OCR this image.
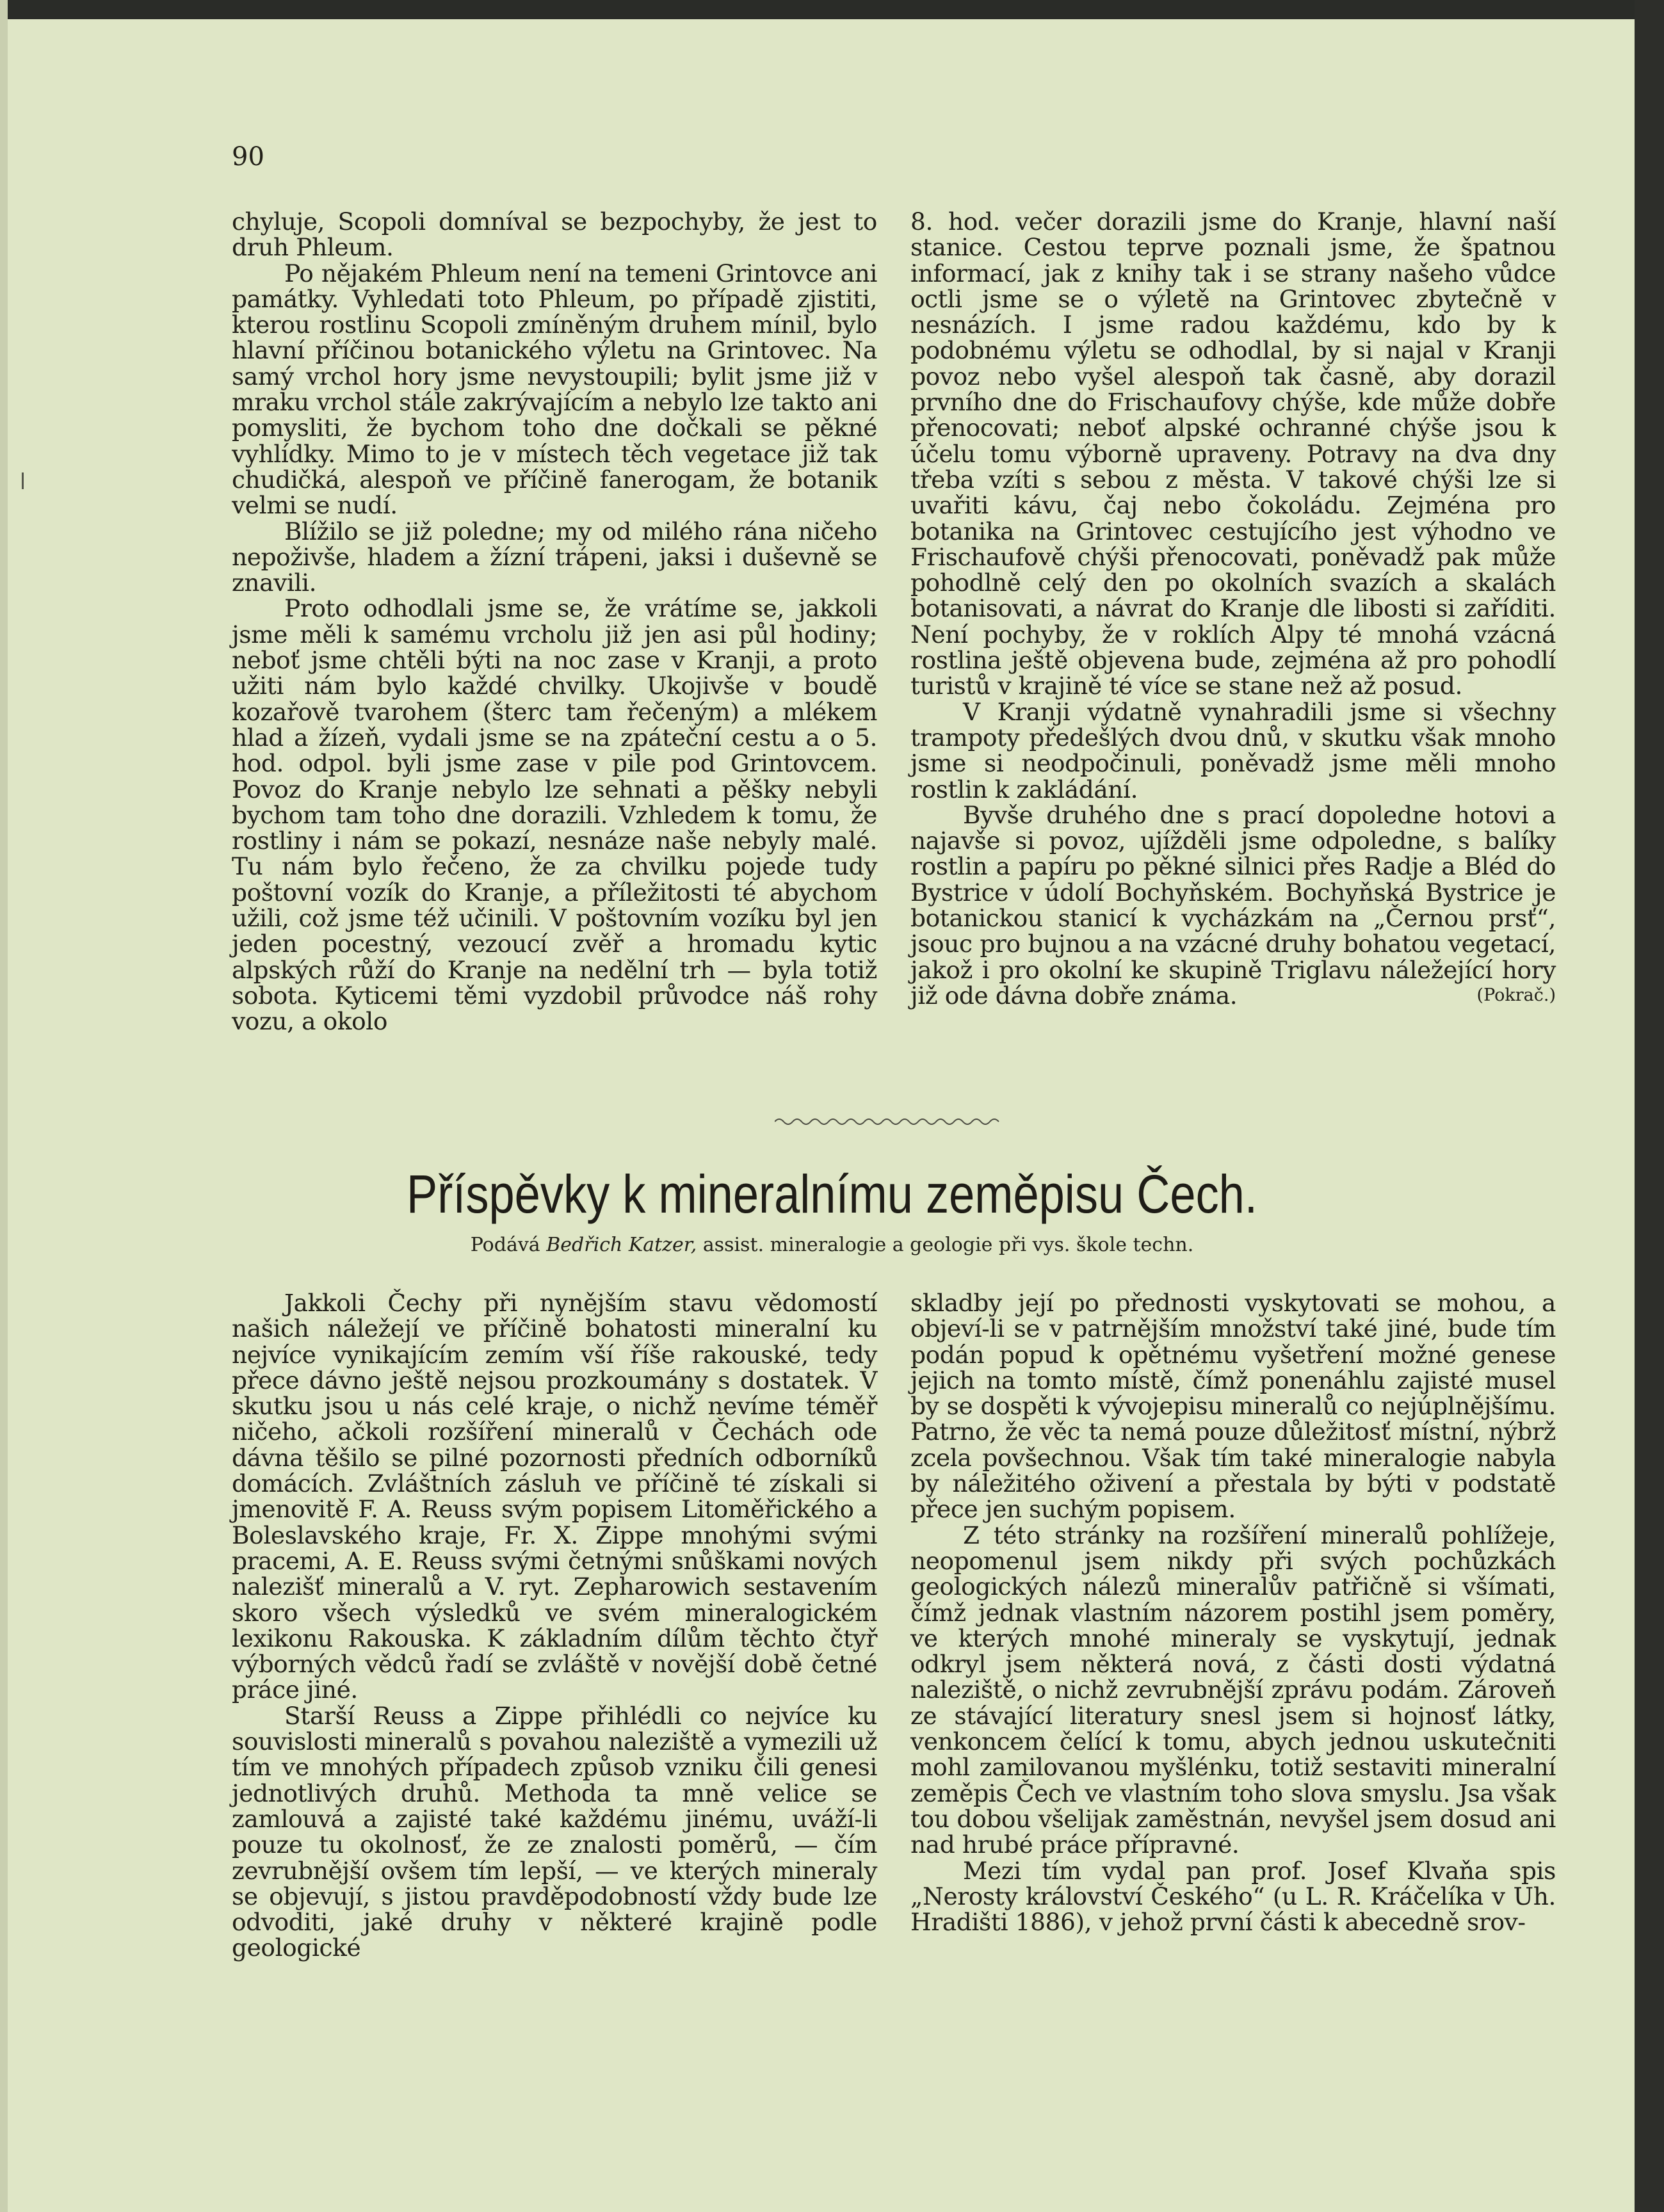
90

chyluje, Scopoli domníval se bezpochyby, že jest to druh Phleum.

Po nějakém Phleum není na temeni Grintovce ani památky. Vyhledati toto Phleum, po případě zjistiti, kterou rostlinu Scopoli zmíněným druhem mínil, bylo hlavní příčinou botanického výletu na Grintovec. Na samý vrchol hory jsme nevystoupili; bylit jsme již v mraku vrchol stále zakrývajícím a nebylo lze takto ani pomysliti, že bychom toho dne dočkali se pěkné vyhlídky. Mimo to je v místech těch vegetace již tak chudičká, alespoň ve příčině fanerogam, že botanik velmi se nudí.

Blížilo se již poledne; my od milého rána ničeho nepoživše, hladem a žízní trápeni, jaksi i duševně se znavili.

Proto odhodlali jsme se, že vrátíme se, jakkoli jsme měli k samému vrcholu již jen asi půl hodiny; neboť jsme chtěli býti na noc zase v Kranji, a proto užiti nám bylo každé chvilky. Ukojivše v boudě kozařově tvarohem (šterc tam řečeným) a mlékem hlad a žízeň, vydali jsme se na zpáteční cestu a o 5. hod. odpol. byli jsme zase v pile pod Grintovcem. Povoz do Kranje nebylo lze sehnati a pěšky nebyli bychom tam toho dne dorazili. Vzhledem k tomu, že rostliny i nám se pokazí, nesnáze naše nebyly malé. Tu nám bylo řečeno, že za chvilku pojede tudy poštovní vozík do Kranje, a příležitosti té abychom užili, což jsme též učinili. V poštovním vozíku byl jen jeden pocestný, vezoucí zvěř a hromadu kytic alpských růží do Kranje na nedělní trh — byla totiž sobota. Kyticemi těmi vyzdobil průvodce náš rohy vozu, a okolo

8. hod. večer dorazili jsme do Kranje, hlavní naší stanice. Cestou teprve poznali jsme, že špatnou informací, jak z knihy tak i se strany našeho vůdce octli jsme se o výletě na Grintovec zbytečně v nesnázích. I jsme radou každému, kdo by k podobnému výletu se odhodlal, by si najal v Kranji povoz nebo vyšel alespoň tak časně, aby dorazil prvního dne do Frischaufovy chýše, kde může dobře přenocovati; neboť alpské ochranné chýše jsou k účelu tomu výborně upraveny. Potravy na dva dny třeba vzíti s sebou z města. V takové chýši lze si uvařiti kávu, čaj nebo čokoládu. Zejména pro botanika na Grintovec cestujícího jest výhodno ve Frischaufově chýši přenocovati, poněvadž pak může pohodlně celý den po okolních svazích a skalách botanisovati, a návrat do Kranje dle libosti si zaříditi. Není pochyby, že v roklích Alpy té mnohá vzácná rostlina ještě objevena bude, zejména až pro pohodlí turistů v krajině té více se stane než až posud.

V Kranji výdatně vynahradili jsme si všechny trampoty předešlých dvou dnů, v skutku však mnoho jsme si neodpočinuli, poněvadž jsme měli mnoho rostlin k zakládání.

Byvše druhého dne s prací dopoledne hotovi a najavše si povoz, ujížděli jsme odpoledne, s balíky rostlin a papíru po pěkné silnici přes Radje a Bléd do Bystrice v údolí Bochyňském. Bochyňská Bystrice je botanickou stanicí k vycházkám na „Černou prsť“, jsouc pro bujnou a na vzácné druhy bohatou vegetací, jakož i pro okolní ke skupině Triglavu náležející hory již ode dávna dobře známa.	(Pokrač.)

Příspěvky k mineralnímu zeměpisu Čech.
Podává Bedřich Katzer, assist. mineralogie a geologie při vys. škole techn.

Jakkoli Čechy při nynějším stavu vědomostí našich náležejí ve příčině bohatosti mineralní ku nejvíce vynikajícím zemím vší říše rakouské, tedy přece dávno ještě nejsou prozkoumány s dostatek. V skutku jsou u nás celé kraje, o nichž nevíme téměř ničeho, ačkoli rozšíření mineralů v Čechách ode dávna těšilo se pilné pozornosti předních odborníků domácích. Zvláštních zásluh ve příčině té získali si jmenovitě F. A. Reuss svým popisem Litoměřického a Boleslavského kraje, Fr. X. Zippe mnohými svými pracemi, A. E. Reuss svými četnými snůškami nových nalezišť mineralů a V. ryt. Zepharowich sestavením skoro všech výsledků ve svém mineralogickém lexikonu Rakouska. K základním dílům těchto čtyř výborných vědců řadí se zvláště v novější době četné práce jiné.

Starší Reuss a Zippe přihlédli co nejvíce ku souvislosti mineralů s povahou naleziště a vymezili už tím ve mnohých případech způsob vzniku čili genesi jednotlivých druhů. Methoda ta mně velice se zamlouvá a zajisté také každému jinému, uváží-li pouze tu okolnosť, že ze znalosti poměrů, — čím zevrubnější ovšem tím lepší, — ve kterých mineraly se objevují, s jistou pravděpodobností vždy bude lze odvoditi, jaké druhy v některé krajině podle geologické

skladby její po přednosti vyskytovati se mohou, a objeví-li se v patrnějším množství také jiné, bude tím podán popud k opětnému vyšetření možné genese jejich na tomto místě, čímž ponenáhlu zajisté musel by se dospěti k vývojepisu mineralů co nejúplnějšímu. Patrno, že věc ta nemá pouze důležitosť místní, nýbrž zcela povšechnou. Však tím také mineralogie nabyla by náležitého oživení a přestala by býti v podstatě přece jen suchým popisem.

Z této stránky na rozšíření mineralů pohlížeje, neopomenul jsem nikdy při svých pochůzkách geologických nálezů mineralův patřičně si všímati, čímž jednak vlastním názorem postihl jsem poměry, ve kterých mnohé mineraly se vyskytují, jednak odkryl jsem některá nová, z části dosti výdatná naleziště, o nichž zevrubnější zprávu podám. Zároveň ze stávající literatury snesl jsem si hojnosť látky, venkoncem čelící k tomu, abych jednou uskutečniti mohl zamilovanou myšlénku, totiž sestaviti mineralní zeměpis Čech ve vlastním toho slova smyslu. Jsa však tou dobou všelijak zaměstnán, nevyšel jsem dosud ani nad hrubé práce přípravné.

Mezi tím vydal pan prof. Josef Klvaňa spis „Nerosty království Českého“ (u L. R. Kráčelíka v Uh. Hradišti 1886), v jehož první části k abecedně srov-
